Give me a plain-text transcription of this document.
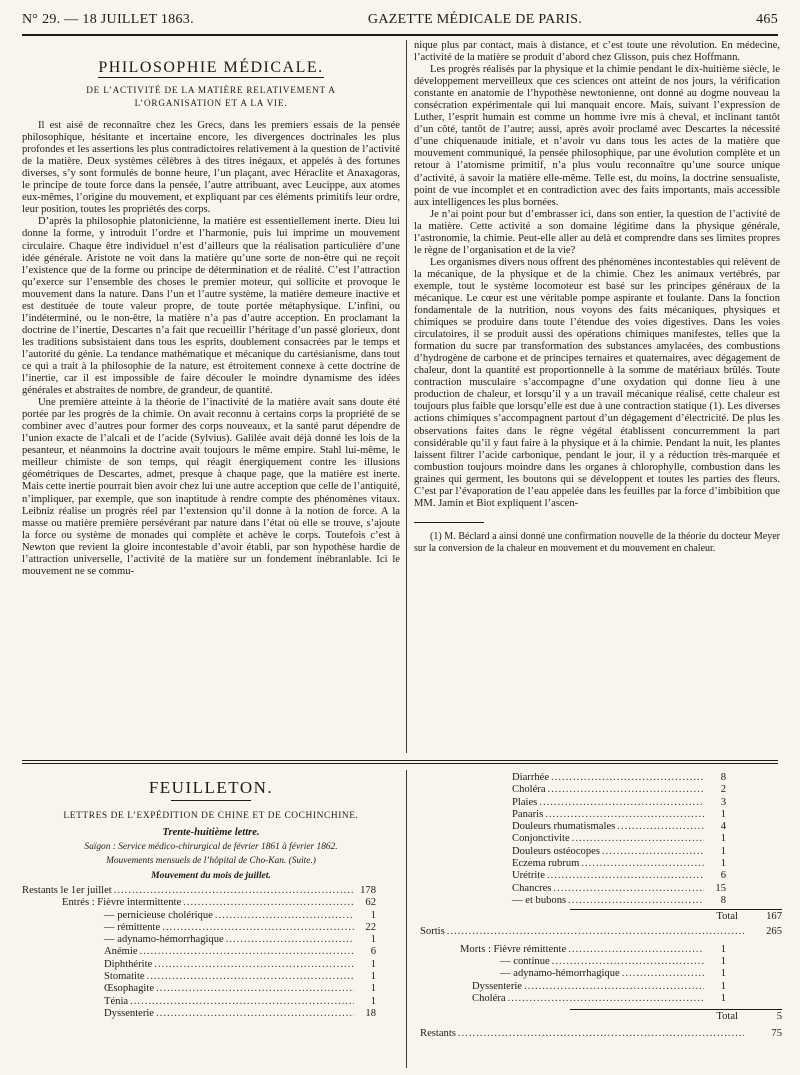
N° 29. — 18 JUILLET 1863.	GAZETTE MÉDICALE DE PARIS.	465
PHILOSOPHIE MÉDICALE.
DE L’ACTIVITÉ DE LA MATIÈRE RELATIVEMENT A L’ORGANISATION ET A LA VIE.

Il est aisé de reconnaître chez les Grecs, dans les premiers essais de la pensée philosophique, hésitante et incertaine encore, les divergences doctrinales les plus profondes et les assertions les plus contradictoires relativement à la question de l’activité de la matière. Deux systèmes célèbres à des titres inégaux, et appelés à des fortunes diverses, s’y sont formulés de bonne heure, l’un plaçant, avec Héraclite et Anaxagoras, le principe de toute force dans la pensée, l’autre attribuant, avec Leucippe, aux atomes eux-mêmes, l’origine du mouvement, et expliquant par ces éléments primitifs leur ordre, leur position, toutes les propriétés des corps.

D’après la philosophie platonicienne, la matière est essentiellement inerte. Dieu lui donne la forme, y introduit l’ordre et l’harmonie, puis lui imprime un mouvement circulaire. Chaque être individuel n’est d’ailleurs que la réalisation particulière d’une idée générale. Aristote ne voit dans la matière qu’une sorte de non-être qui ne reçoit l’existence que de la forme ou principe de détermination et de réalité. C’est l’attraction qu’exerce sur l’ensemble des choses le premier moteur, qui sollicite et provoque le mouvement dans la nature. Dans l’un et l’autre système, la matière demeure inactive et est destituée de toute valeur propre, de toute portée métaphysique. L’infini, ou l’indéterminé, ou le non-être, la matière n’a pas d’autre acception. En proclamant la doctrine de l’inertie, Descartes n’a fait que recueillir l’héritage d’un passé glorieux, dont les traditions subsistaient dans tous les esprits, doublement consacrées par le temps et l’autorité du génie. La tendance mathématique et mécanique du cartésianisme, dans tout ce qui a trait à la philosophie de la nature, est étroitement connexe à cette doctrine de l’inertie, car il est impossible de faire découler le moindre dynamisme des idées générales et abstraites de nombre, de grandeur, de quantité.

Une première atteinte à la théorie de l’inactivité de la matière avait sans doute été portée par les progrès de la chimie. On avait reconnu à certains corps la propriété de se combiner avec d’autres pour former des corps nouveaux, et la santé parut dépendre de l’union exacte de l’alcali et de l’acide (Sylvius). Galilée avait déjà donné les lois de la pesanteur, et néanmoins la doctrine avait toujours le même empire. Stahl lui-même, le meilleur chimiste de son temps, qui réagit énergiquement contre les illusions géométriques de Descartes, admet, presque à chaque page, que la matière est inerte. Mais cette inertie pourrait bien avoir chez lui une autre acception que celle de l’antiquité, n’impliquer, par exemple, que son inaptitude à rendre compte des phénomènes vitaux. Leibniz réalise un progrès réel par l’extension qu’il donne à la notion de force. A la masse ou matière première persévérant par nature dans l’état où elle se trouve, s’ajoute la force ou système de monades qui complète et achève le corps. Toutefois c’est à Newton que revient la gloire incontestable d’avoir établi, par son hypothèse hardie de l’attraction universelle, l’activité de la matière sur un fondement inébranlable. Ici le mouvement ne se commu-

nique plus par contact, mais à distance, et c’est toute une révolution. En médecine, l’activité de la matière se produit d’abord chez Glisson, puis chez Hoffmann.

Les progrès réalisés par la physique et la chimie pendant le dix-huitième siècle, le développement merveilleux que ces sciences ont atteint de nos jours, la vérification constante en anatomie de l’hypothèse newtonienne, ont donné au dogme nouveau la consécration expérimentale qui lui manquait encore. Mais, suivant l’expression de Luther, l’esprit humain est comme un homme ivre mis à cheval, et inclinant tantôt d’un côté, tantôt de l’autre; aussi, après avoir proclamé avec Descartes la nécessité d’une chiquenaude initiale, et n’avoir vu dans tous les actes de la matière que mouvement communiqué, la pensée philosophique, par une évolution complète et un retour à l’atomisme primitif, n’a plus voulu reconnaître qu’une source unique d’activité, à savoir la matière elle-même. Telle est, du moins, la doctrine sensualiste, point de vue incomplet et en contradiction avec des faits importants, mais accessible aux intelligences les plus bornées.

Je n’ai point pour but d’embrasser ici, dans son entier, la question de l’activité de la matière. Cette activité a son domaine légitime dans la physique générale, l’astronomie, la chimie. Peut-elle aller au delà et comprendre dans ses limites propres le règne de l’organisation et de la vie?

Les organismes divers nous offrent des phénomènes incontestables qui relèvent de la mécanique, de la physique et de la chimie. Chez les animaux vertébrés, par exemple, tout le système locomoteur est basé sur les principes généraux de la mécanique. Le cœur est une véritable pompe aspirante et foulante. Dans la fonction fondamentale de la nutrition, nous voyons des faits mécaniques, physiques et chimiques se produire dans toute l’étendue des voies digestives. Dans les voies circulatoires, il se produit aussi des opérations chimiques manifestes, telles que la formation du sucre par transformation des substances amylacées, des combustions d’hydrogène de carbone et de principes ternaires et quaternaires, avec dégagement de chaleur, dont la quantité est proportionnelle à la somme de matériaux brûlés. Toute contraction musculaire s’accompagne d’une oxydation qui donne lieu à une production de chaleur, et lorsqu’il y a un travail mécanique réalisé, cette chaleur est toujours plus faible que lorsqu’elle est due à une contraction statique (1). Les diverses actions chimiques s’accompagnent partout d’un dégagement d’électricité. De plus les observations faites dans le règne végétal établissent concurremment la part considérable qu’il y faut faire à la physique et à la chimie. Pendant la nuit, les plantes laissent filtrer l’acide carbonique, pendant le jour, il y a réduction très-marquée et combustion toujours moindre dans les organes à chlorophylle, combustion dans les graines qui germent, les boutons qui se développent et toutes les parties des fleurs. C’est par l’évaporation de l’eau appelée dans les feuilles par la force d’imbibition que MM. Jamin et Biot expliquent l’ascen-

(1) M. Béclard a ainsi donné une confirmation nouvelle de la théorie du docteur Meyer sur la conversion de la chaleur en mouvement et du mouvement en chaleur.

FEUILLETON.
LETTRES DE L’EXPÉDITION DE CHINE ET DE COCHINCHINE.
Trente-huitième lettre.
Saïgon : Service médico-chirurgical de février 1861 à février 1862.
Mouvements mensuels de l’hôpital de Cho-Kan. (Suite.)
Mouvement du mois de juillet.
Restants le 1er juillet .....	178
Entrés : Fièvre intermittente .....	62
— pernicieuse cholérique .....	1
— rémittente .....	22
— adynamo-hémorrhagique .....	1
Anémie .....	6
Diphthérite .....	1
Stomatite .....	1
Œsophagite .....	1
Ténia .....	1
Dyssenterie .....	18
Diarrhée .....	8
Choléra .....	2
Plaies .....	3
Panaris .....	1
Douleurs rhumatismales .....	4
Conjonctivite .....	1
Douleurs ostéocopes .....	1
Eczema rubrum .....	1
Urétrite .....	6
Chancres .....	15
— et bubons .....	8
Total	167
Sortis .....	265
Morts : Fièvre rémittente .....	1
— continue .....	1
— adynamo-hémorrhagique .....	1
Dyssenterie .....	1
Choléra .....	1
Total	5
Restants .....	75
